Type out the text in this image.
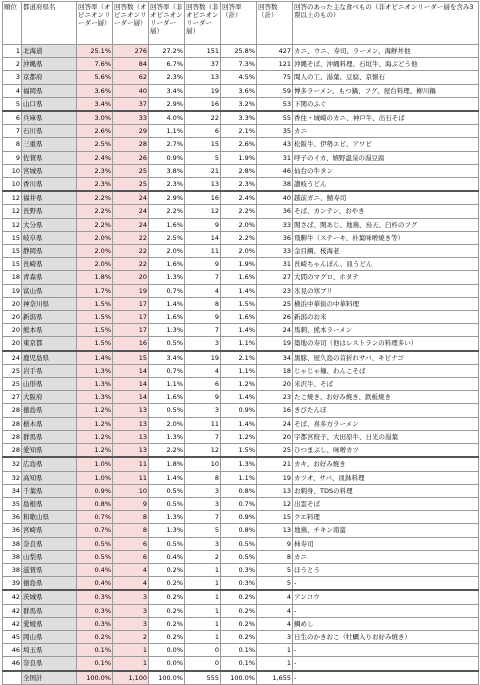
順位	都道府県名	回答率（オピニオンリーダー層）	回答数（オピニオンリーダー層）	回答率（非オピニオンリーダー層）	回答数（非オピニオンリーダー層）	回答率（計）	回答数（計）	回答のあった主な食べもの（非オピニオンリーダー層を含み3票以上のもの）
1	北海道	25.1%	276	27.2%	151	25.8%	427	カニ、ウニ、寿司、ラーメン、海鮮丼他
2	沖縄県	7.6%	84	6.7%	37	7.3%	121	沖縄そば、沖縄料理、石垣牛、海ぶどう他
3	京都府	5.6%	62	2.3%	13	4.5%	75	聞人の工、湯葉、豆腐、京懐石
4	福岡県	3.6%	40	3.4%	19	3.6%	59	博多ラーメン、もつ鍋、フグ、屋台料理、柳川鍋
5	山口県	3.4%	37	2.9%	16	3.2%	53	下関のふぐ
6	兵庫県	3.0%	33	4.0%	22	3.3%	55	香住・城崎のカニ、神戸牛、出石そば
7	石川県	2.6%	29	1.1%	6	2.1%	35	カニ
8	三重県	2.5%	28	2.7%	15	2.6%	43	松阪牛、伊勢エビ、アワビ
9	佐賀県	2.4%	26	0.9%	5	1.9%	31	呼子のイカ、嬉野温泉の湯豆腐
10	宮城県	2.3%	25	3.8%	21	2.8%	46	仙台の牛タン
10	香川県	2.3%	25	2.3%	13	2.3%	38	讃岐うどん
12	福井県	2.2%	24	2.9%	16	2.4%	40	越前ガニ、鯖寿司
12	長野県	2.2%	24	2.2%	12	2.2%	36	そば、カンテン、おやき
12	大分県	2.2%	24	1.6%	9	2.0%	33	関さば、関あじ、地鶏、鳥天、臼杵のフグ
15	岐阜県	2.0%	22	2.5%	14	2.2%	36	飛騨牛（ステーキ、朴葉味噌焼き等）
15	静岡県	2.0%	22	2.0%	11	2.0%	33	金目鯛、桜海老
15	長崎県	2.0%	22	1.6%	9	1.9%	31	長崎ちゃんぽん、皿うどん
18	青森県	1.8%	20	1.3%	7	1.6%	27	大間のマグロ、ホタテ
19	富山県	1.7%	19	0.7%	4	1.4%	23	氷見の寒ブリ
20	神奈川県	1.5%	17	1.4%	8	1.5%	25	横浜中華街の中華料理
20	新潟県	1.5%	17	1.6%	9	1.6%	26	新潟のお米
20	熊本県	1.5%	17	1.3%	7	1.4%	24	馬刺、熊本ラーメン
20	東京都	1.5%	16	0.5%	3	1.1%	19	築地の寿司（他はレストランの料理多い）
24	鹿児島県	1.4%	15	3.4%	19	2.1%	34	黒豚、屋久島の首折れサバ、キビナゴ
25	岩手県	1.3%	14	0.7%	4	1.1%	18	じゃじゃ麺、わんこそば
25	山形県	1.3%	14	1.1%	6	1.2%	20	米沢牛、そば
27	大阪府	1.3%	14	1.6%	9	1.4%	23	たこ焼き、お好み焼き、鉄板焼き
28	徳島県	1.2%	13	0.5%	3	0.9%	16	きびたんぼ
28	栃木県	1.2%	13	2.0%	11	1.4%	24	そば、喜多方ラーメン
28	群馬県	1.2%	13	1.3%	7	1.2%	20	宇都宮餃子、大田原牛、日光の湯葉
28	愛知県	1.2%	13	2.2%	12	1.5%	25	ひつまぶし、味噌カツ
32	広島県	1.0%	11	1.8%	10	1.3%	21	カキ、お好み焼き
32	高知県	1.0%	11	1.4%	8	1.1%	19	カツオ、サバ、皿鉢料理
34	千葉県	0.9%	10	0.5%	3	0.8%	13	お刺身、TDSの料理
35	島根県	0.8%	9	0.5%	3	0.7%	12	出雲そば
36	和歌山県	0.7%	8	1.3%	7	0.9%	15	クエ料理
36	宮崎県	0.7%	8	1.3%	5	0.8%	13	地鶏、チキン南蛮
38	奈良県	0.5%	6	0.5%	3	0.5%	9	柿寿司
38	山梨県	0.5%	6	0.4%	2	0.5%	8	カニ
38	滋賀県	0.4%	4	0.2%	1	0.3%	5	ほうとう
39	徳島県	0.4%	4	0.2%	1	0.3%	5	-
42	茨城県	0.3%	3	0.2%	1	0.2%	4	アンコウ
42	群馬県	0.3%	3	0.2%	1	0.2%	4	-
42	愛媛県	0.3%	3	0.2%	1	0.2%	4	鯛めし
45	岡山県	0.2%	2	0.2%	1	0.2%	3	日生のかきおこ（牡蠣入りお好み焼き）
46	埼玉県	0.1%	1	0.0%	0	0.1%	1	-
46	奈良県	0.1%	1	0.0%	0	0.1%	1	-
	全国計	100.0%	1,100	100.0%	555	100.0%	1,655	-
